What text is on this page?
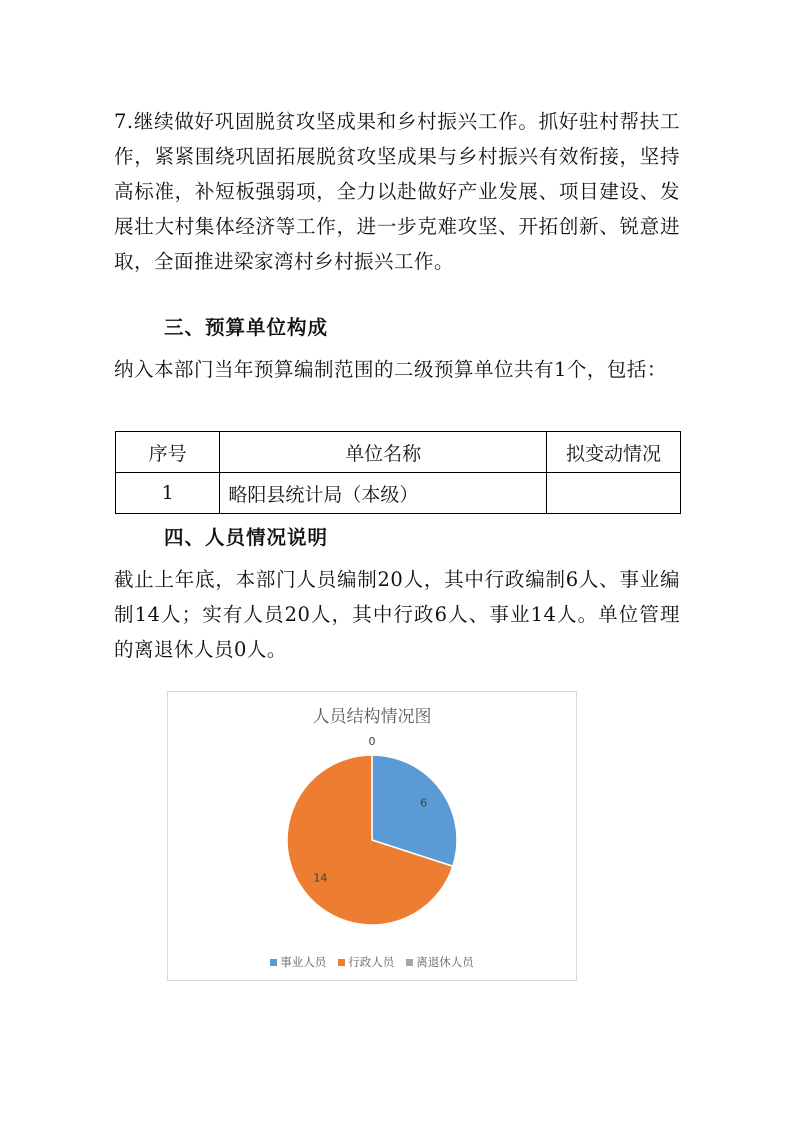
7.继续做好巩固脱贫攻坚成果和乡村振兴工作。抓好驻村帮扶工作，紧紧围绕巩固拓展脱贫攻坚成果与乡村振兴有效衔接，坚持高标准，补短板强弱项，全力以赴做好产业发展、项目建设、发展壮大村集体经济等工作，进一步克难攻坚、开拓创新、锐意进取，全面推进梁家湾村乡村振兴工作。
三、预算单位构成
纳入本部门当年预算编制范围的二级预算单位共有1个，包括：
序号	单位名称	拟变动情况
1	略阳县统计局（本级）	
四、人员情况说明
截止上年底，本部门人员编制20人，其中行政编制6人、事业编制14人；实有人员20人，其中行政6人、事业14人。单位管理的离退休人员0人。
人员结构情况图
6
14
0
事业人员 行政人员 离退休人员
